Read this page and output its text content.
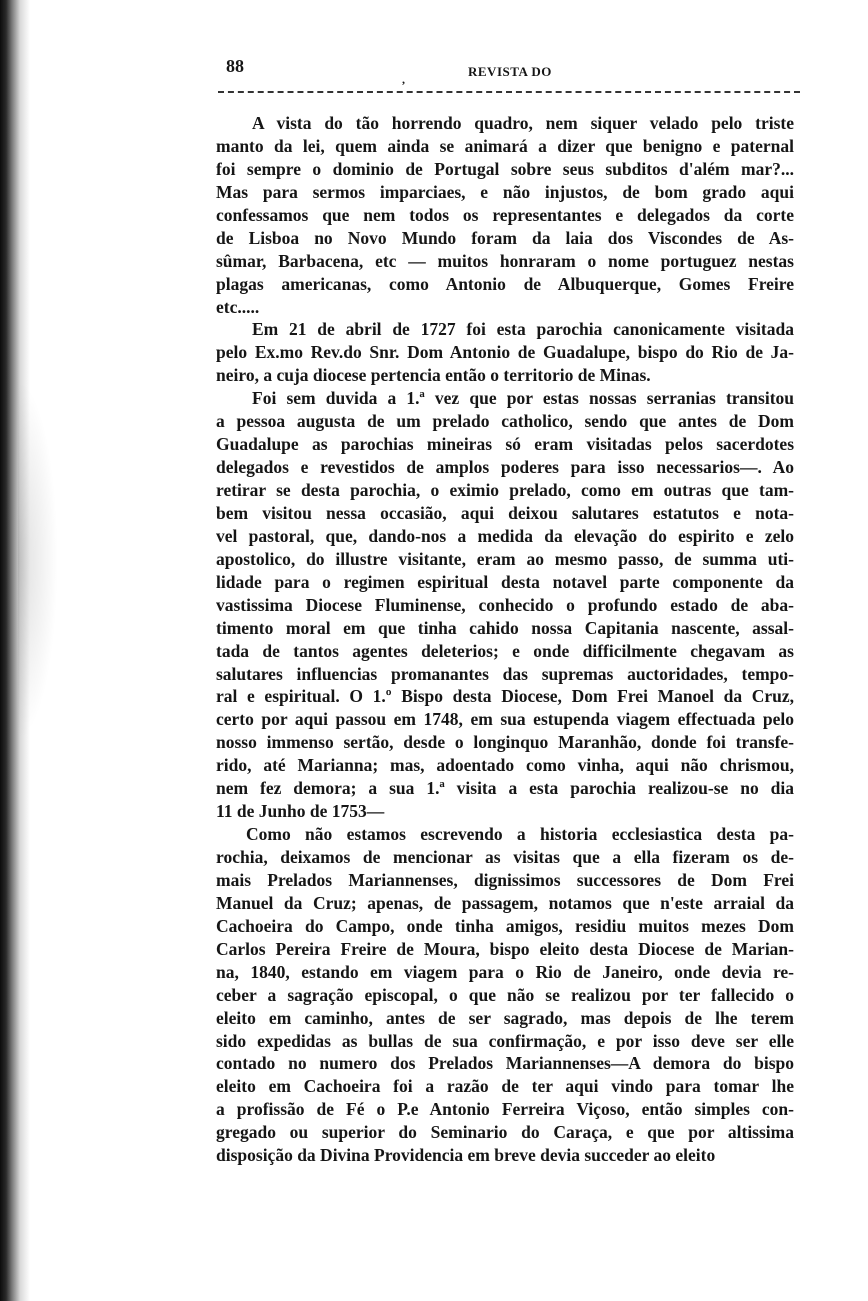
88
,	REVISTA DO
A vista do tão horrendo quadro, nem siquer velado pelo triste
manto da lei, quem ainda se animará a dizer que benigno e paternal
foi sempre o dominio de Portugal sobre seus subditos d'além mar?...
Mas para sermos imparciaes, e não injustos, de bom grado aqui
confessamos que nem todos os representantes e delegados da corte
de Lisboa no Novo Mundo foram da laia dos Viscondes de As-
sûmar, Barbacena, etc — muitos honraram o nome portuguez nestas
plagas americanas, como Antonio de Albuquerque, Gomes Freire
etc.....
Em 21 de abril de 1727 foi esta parochia canonicamente visitada
pelo Ex.mo Rev.do Snr. Dom Antonio de Guadalupe, bispo do Rio de Ja-
neiro, a cuja diocese pertencia então o territorio de Minas.
Foi sem duvida a 1.ª vez que por estas nossas serranias transitou
a pessoa augusta de um prelado catholico, sendo que antes de Dom
Guadalupe as parochias mineiras só eram visitadas pelos sacerdotes
delegados e revestidos de amplos poderes para isso necessarios—. Ao
retirar se desta parochia, o eximio prelado, como em outras que tam-
bem visitou nessa occasião, aqui deixou salutares estatutos e nota-
vel pastoral, que, dando-nos a medida da elevação do espirito e zelo
apostolico, do illustre visitante, eram ao mesmo passo, de summa uti-
lidade para o regimen espiritual desta notavel parte componente da
vastissima Diocese Fluminense, conhecido o profundo estado de aba-
timento moral em que tinha cahido nossa Capitania nascente, assal-
tada de tantos agentes deleterios; e onde difficilmente chegavam as
salutares influencias promanantes das supremas auctoridades, tempo-
ral e espiritual. O 1.º Bispo desta Diocese, Dom Frei Manoel da Cruz,
certo por aqui passou em 1748, em sua estupenda viagem effectuada pelo
nosso immenso sertão, desde o longinquo Maranhão, donde foi transfe-
rido, até Marianna; mas, adoentado como vinha, aqui não chrismou,
nem fez demora; a sua 1.ª visita a esta parochia realizou-se no dia
11 de Junho de 1753—
Como não estamos escrevendo a historia ecclesiastica desta pa-
rochia, deixamos de mencionar as visitas que a ella fizeram os de-
mais Prelados Mariannenses, dignissimos successores de Dom Frei
Manuel da Cruz; apenas, de passagem, notamos que n'este arraial da
Cachoeira do Campo, onde tinha amigos, residiu muitos mezes Dom
Carlos Pereira Freire de Moura, bispo eleito desta Diocese de Marian-
na, 1840, estando em viagem para o Rio de Janeiro, onde devia re-
ceber a sagração episcopal, o que não se realizou por ter fallecido o
eleito em caminho, antes de ser sagrado, mas depois de lhe terem
sido expedidas as bullas de sua confirmação, e por isso deve ser elle
contado no numero dos Prelados Mariannenses—A demora do bispo
eleito em Cachoeira foi a razão de ter aqui vindo para tomar lhe
a profissão de Fé o P.e Antonio Ferreira Viçoso, então simples con-
gregado ou superior do Seminario do Caraça, e que por altissima
disposição da Divina Providencia em breve devia succeder ao eleito
